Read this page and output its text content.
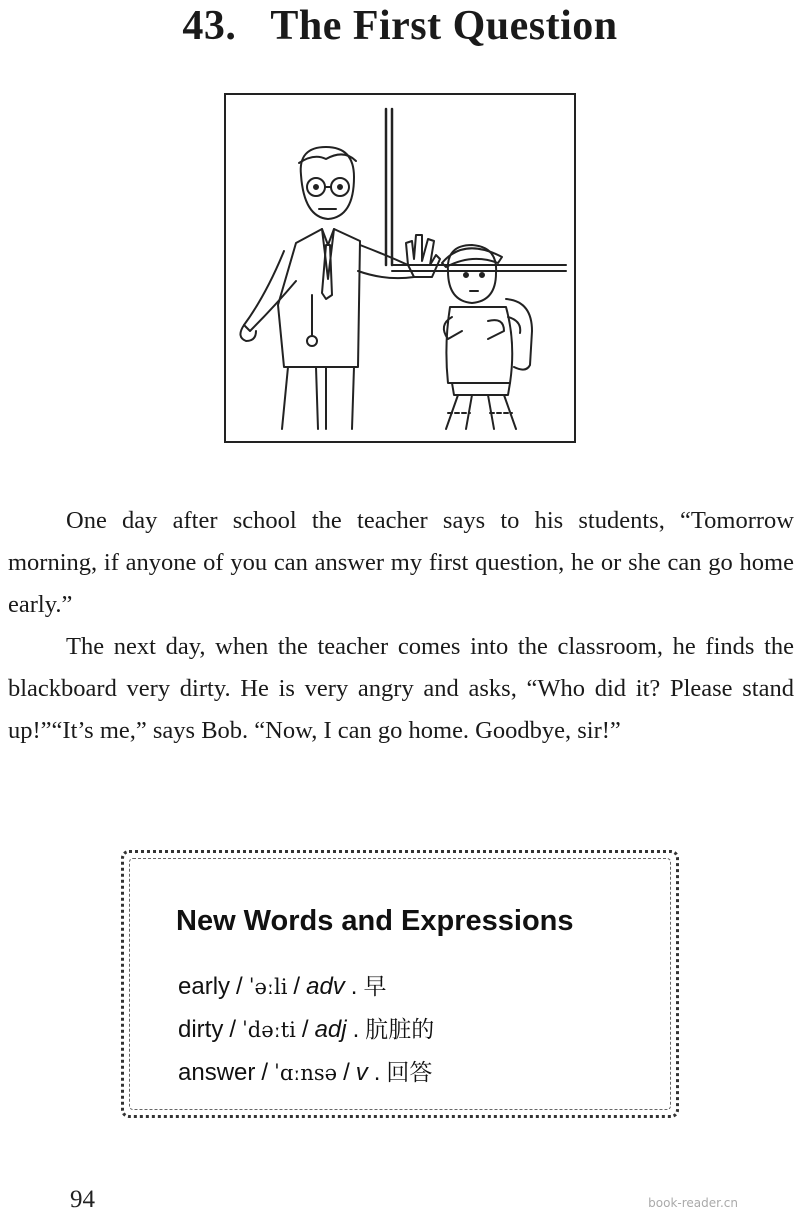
43. The First Question

One day after school the teacher says to his students, “Tomorrow morning, if anyone of you can answer my first question, he or she can go home early.”

The next day, when the teacher comes into the classroom, he finds the blackboard very dirty. He is very angry and asks, “Who did it? Please stand up!”“It’s me,” says Bob. “Now, I can go home. Goodbye, sir!”

New Words and Expressions
early / ˈəːli / adv . 早
dirty / ˈdəːti / adj . 肮脏的
answer / ˈɑːnsə / v . 回答
94	book-reader.cn
